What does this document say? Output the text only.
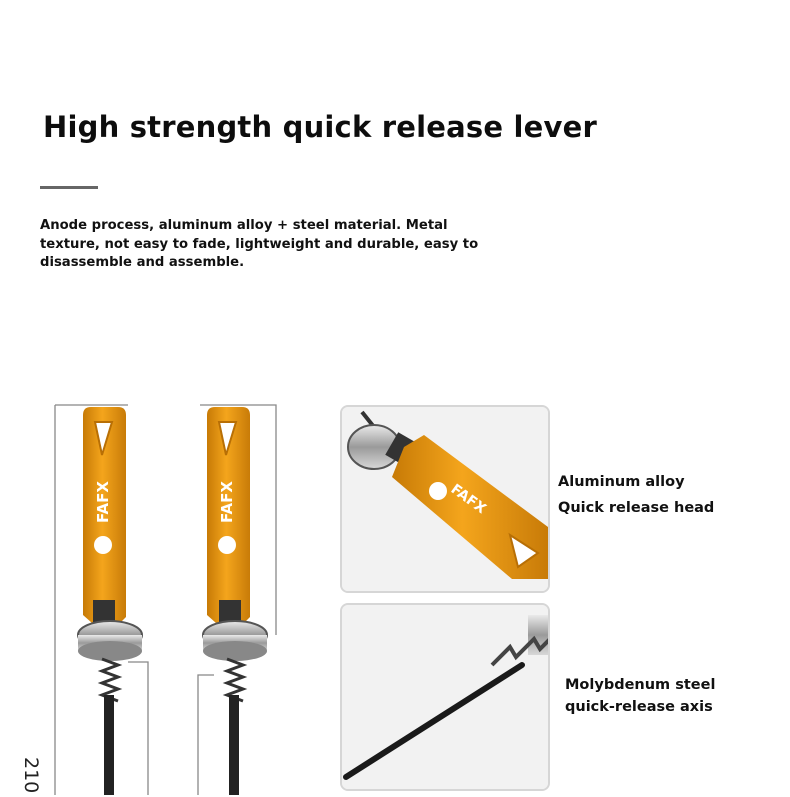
High strength quick release lever
Anode process, aluminum alloy + steel material. Metal texture, not easy to fade, lightweight and durable, easy to disassemble and assemble.
FAFX	FAFX
210
FAFX	Aluminum alloy
Quick release head
Molybdenum steel
quick-release axis
